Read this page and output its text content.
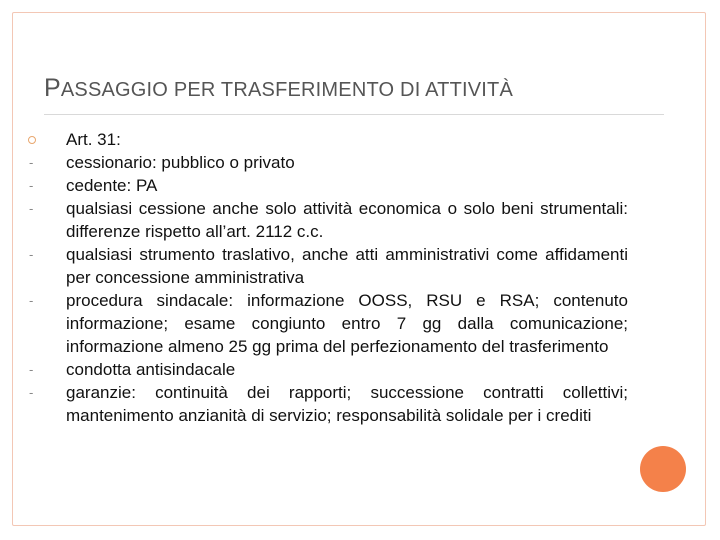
PASSAGGIO PER TRASFERIMENTO DI ATTIVITÀ
Art. 31:
-	cessionario: pubblico o privato
-	cedente: PA
-	qualsiasi cessione anche solo attività economica o solo beni strumentali: differenze rispetto all’art. 2112 c.c.
-	qualsiasi strumento traslativo, anche atti amministrativi come affidamenti per concessione amministrativa
-	procedura sindacale: informazione OOSS, RSU e RSA; contenuto informazione; esame congiunto entro 7 gg dalla comunicazione; informazione almeno 25 gg prima del perfezionamento del trasferimento
-	condotta antisindacale
-	garanzie: continuità dei rapporti; successione contratti collettivi; mantenimento anzianità di servizio; responsabilità solidale per i crediti
